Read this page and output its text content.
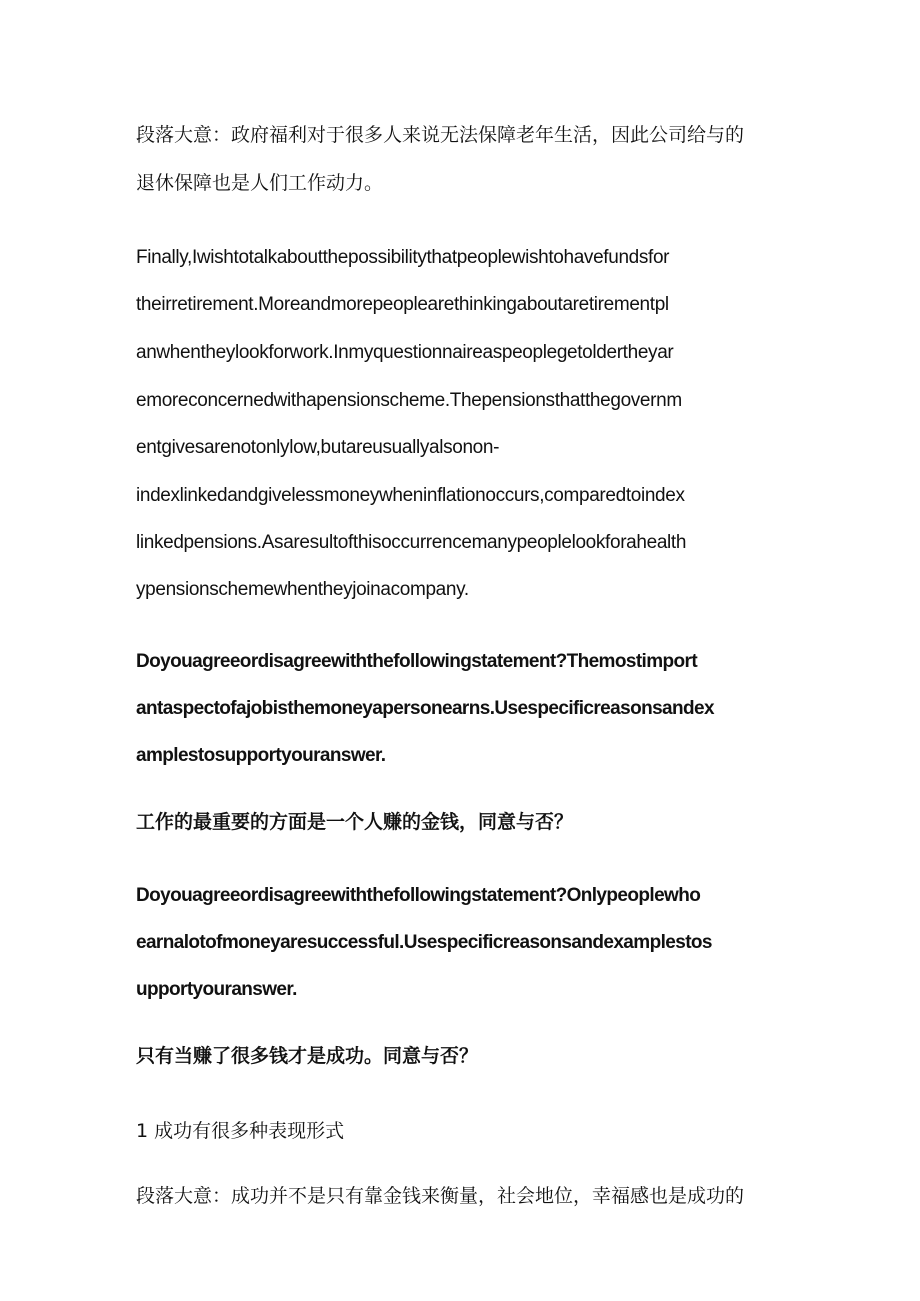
段落大意：政府福利对于很多人来说无法保障老年生活，因此公司给与的
退休保障也是人们工作动力。
Finally,Iwishtotalkaboutthepossibilitythatpeoplewishtohavefundsfor
theirretirement.Moreandmorepeoplearethinkingaboutaretirementpl
anwhentheylookforwork.Inmyquestionnaireaspeoplegetoldertheyar
emoreconcernedwithapensionscheme.Thepensionsthatthegovernm
entgivesarenotonlylow,butareusuallyalsonon-
indexlinkedandgivelessmoneywheninflationoccurs,comparedtoindex
linkedpensions.Asaresultofthisoccurrencemanypeoplelookforahealth
ypensionschemewhentheyjoinacompany.
Doyouagreeordisagreewiththefollowingstatement?Themostimport
antaspectofajobisthemoneyapersonearns.Usespecificreasonsandex
amplestosupportyouranswer.
工作的最重要的方面是一个人赚的金钱，同意与否？
Doyouagreeordisagreewiththefollowingstatement?Onlypeoplewho
earnalotofmoneyaresuccessful.Usespecificreasonsandexamplestos
upportyouranswer.
只有当赚了很多钱才是成功。同意与否？
1 成功有很多种表现形式
段落大意：成功并不是只有靠金钱来衡量，社会地位，幸福感也是成功的
